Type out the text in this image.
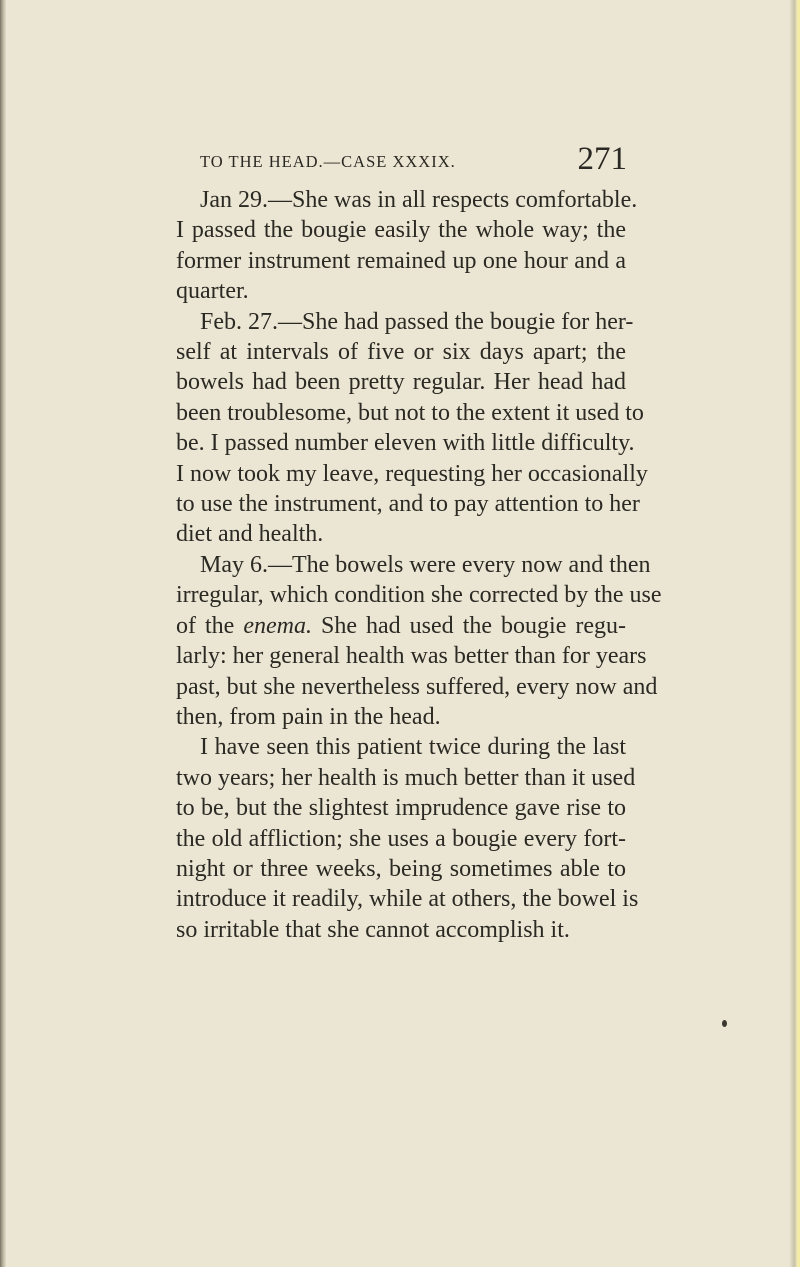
TO THE HEAD.—CASE XXXIX.	271

Jan 29.—She was in all respects comfortable.
I passed the bougie easily the whole way; the
former instrument remained up one hour and a
quarter.

Feb. 27.—She had passed the bougie for her-
self at intervals of five or six days apart; the
bowels had been pretty regular. Her head had
been troublesome, but not to the extent it used to
be. I passed number eleven with little difficulty.
I now took my leave, requesting her occasionally
to use the instrument, and to pay attention to her
diet and health.

May 6.—The bowels were every now and then
irregular, which condition she corrected by the use
of the enema. She had used the bougie regu-
larly: her general health was better than for years
past, but she nevertheless suffered, every now and
then, from pain in the head.

I have seen this patient twice during the last
two years; her health is much better than it used
to be, but the slightest imprudence gave rise to
the old affliction; she uses a bougie every fort-
night or three weeks, being sometimes able to
introduce it readily, while at others, the bowel is
so irritable that she cannot accomplish it.
